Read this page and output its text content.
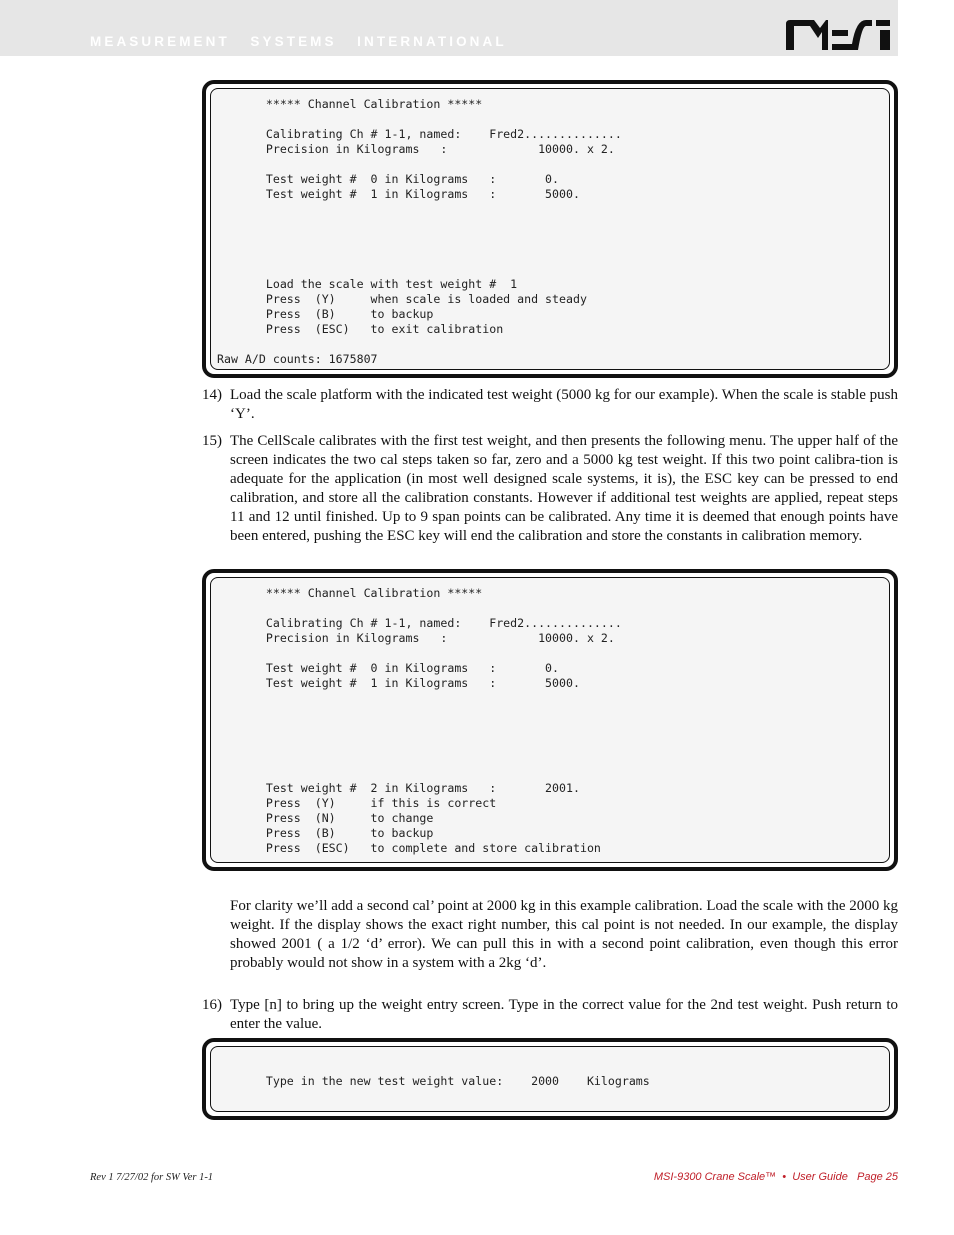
MEASUREMENT   SYSTEMS   INTERNATIONAL
***** Channel Calibration *****

Calibrating Ch # 1-1, named:    Fred2..............
Precision in Kilograms   :             10000. x 2.

Test weight #  0 in Kilograms   :       0.
Test weight #  1 in Kilograms   :       5000.

Load the scale with test weight #  1
Press  (Y)     when scale is loaded and steady
Press  (B)     to backup
Press  (ESC)   to exit calibration

Raw A/D counts: 1675807
14) Load the scale platform with the indicated test weight (5000 kg for our example). When the scale is stable push ‘Y’.

15) The CellScale calibrates with the first test weight, and then presents the following menu. The upper half of the screen indicates the two cal steps taken so far, zero and a 5000 kg test weight. If this two point calibra-tion is adequate for the application (in most well designed scale systems, it is), the ESC key can be pressed to end calibration, and store all the calibration constants. However if additional test weights are applied, repeat steps 11 and 12 until finished. Up to 9 span points can be calibrated. Any time it is deemed that enough points have been entered, pushing the ESC key will end the calibration and store the constants in calibration memory.

***** Channel Calibration *****

Calibrating Ch # 1-1, named:    Fred2..............
Precision in Kilograms   :             10000. x 2.

Test weight #  0 in Kilograms   :       0.
Test weight #  1 in Kilograms   :       5000.

Test weight #  2 in Kilograms   :       2001.
Press  (Y)     if this is correct
Press  (N)     to change
Press  (B)     to backup
Press  (ESC)   to complete and store calibration

For clarity we’ll add a second cal’ point at 2000 kg in this example calibration. Load the scale with the 2000 kg weight. If the display shows the exact right number, this cal point is not needed. In our example, the display showed 2001 ( a 1/2 ‘d’ error). We can pull this in with a second point calibration, even though this error probably would not show in a system with a 2kg ‘d’.

16) Type [n] to bring up the weight entry screen. Type in the correct value for the 2nd test weight. Push return to enter the value.

Type in the new test weight value:    2000    Kilograms
Rev 1 7/27/02 for SW Ver 1-1	MSI-9300 Crane Scale™  •  User Guide   Page 25
